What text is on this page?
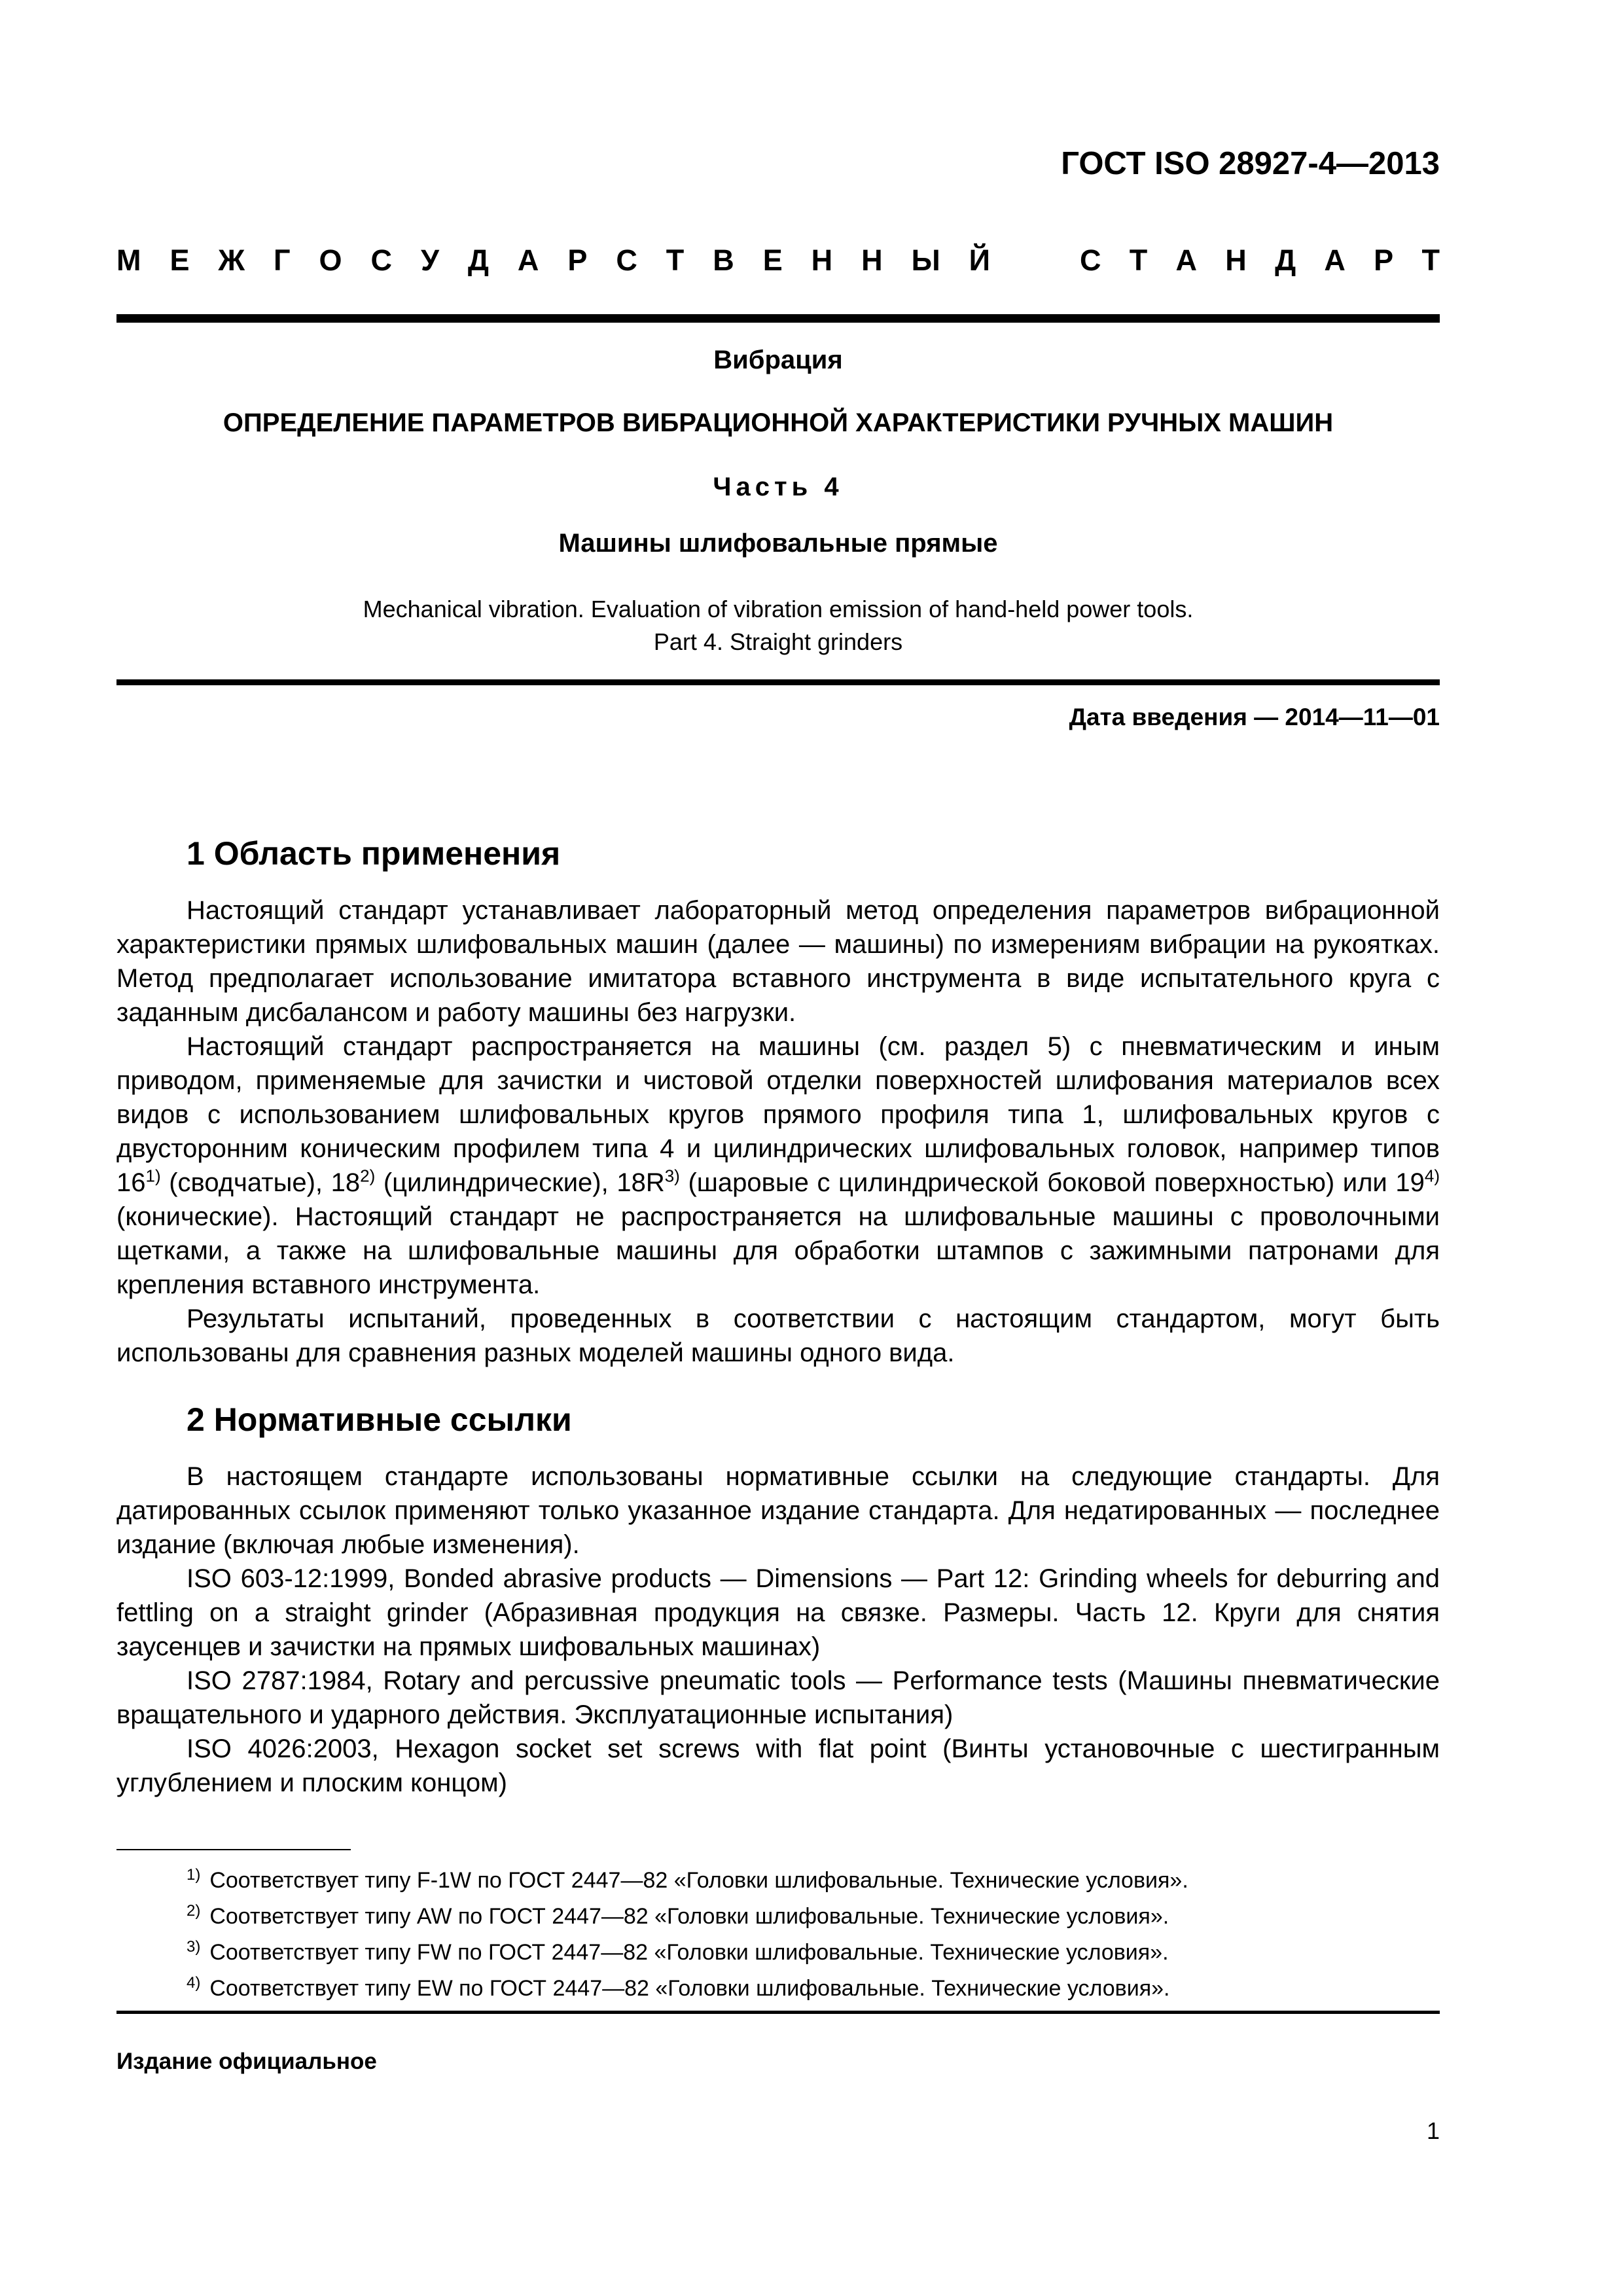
ГОСТ ISO 28927-4—2013
М Е Ж Г О С У Д А Р С Т В Е Н Н Ы Й	С Т А Н Д А Р Т
Вибрация
ОПРЕДЕЛЕНИЕ ПАРАМЕТРОВ ВИБРАЦИОННОЙ ХАРАКТЕРИСТИКИ РУЧНЫХ МАШИН
Часть 4
Машины шлифовальные прямые
Mechanical vibration. Evaluation of vibration emission of hand-held power tools.
Part 4. Straight grinders
Дата введения — 2014—11—01
1 Область применения

Настоящий стандарт устанавливает лабораторный метод определения параметров вибрационной характеристики прямых шлифовальных машин (далее — машины) по измерениям вибрации на рукоятках. Метод предполагает использование имитатора вставного инструмента в виде испытательного круга с заданным дисбалансом и работу машины без нагрузки.

Настоящий стандарт распространяется на машины (см. раздел 5) с пневматическим и иным приводом, применяемые для зачистки и чистовой отделки поверхностей шлифования материалов всех видов с использованием шлифовальных кругов прямого профиля типа 1, шлифовальных кругов с двусторонним коническим профилем типа 4 и цилиндрических шлифовальных головок, например типов 16$^{1)}$ (сводчатые), 18$^{2)}$ (цилиндрические), $18R^{3)}$ (шаровые с цилиндрической боковой поверхностью) или 19$^{4)}$ (конические). Настоящий стандарт не распространяется на шлифовальные машины с проволочными щетками, а также на шлифовальные машины для обработки штампов с зажимными патронами для крепления вставного инструмента.

Результаты испытаний, проведенных в соответствии с настоящим стандартом, могут быть использованы для сравнения разных моделей машины одного вида.

2 Нормативные ссылки

В настоящем стандарте использованы нормативные ссылки на следующие стандарты. Для датированных ссылок применяют только указанное издание стандарта. Для недатированных — последнее издание (включая любые изменения).

ISO 603-12:1999, Bonded abrasive products — Dimensions — Part 12: Grinding wheels for deburring and fettling on a straight grinder (Абразивная продукция на связке. Размеры. Часть 12. Круги для снятия заусенцев и зачистки на прямых шифовальных машинах)

ISO 2787:1984, Rotary and percussive pneumatic tools — Performance tests (Машины пневматические вращательного и ударного действия. Эксплуатационные испытания)

ISO 4026:2003, Hexagon socket set screws with flat point (Винты установочные с шестигранным углублением и плоским концом)

$^{1)}$ Соответствует типу F-1W по ГОСТ 2447—82 «Головки шлифовальные. Технические условия».
$^{2)}$ Соответствует типу AW по ГОСТ 2447—82 «Головки шлифовальные. Технические условия».
$^{3)}$ Соответствует типу FW по ГОСТ 2447—82 «Головки шлифовальные. Технические условия».
$^{4)}$ Соответствует типу EW по ГОСТ 2447—82 «Головки шлифовальные. Технические условия».
Издание официальное
1
